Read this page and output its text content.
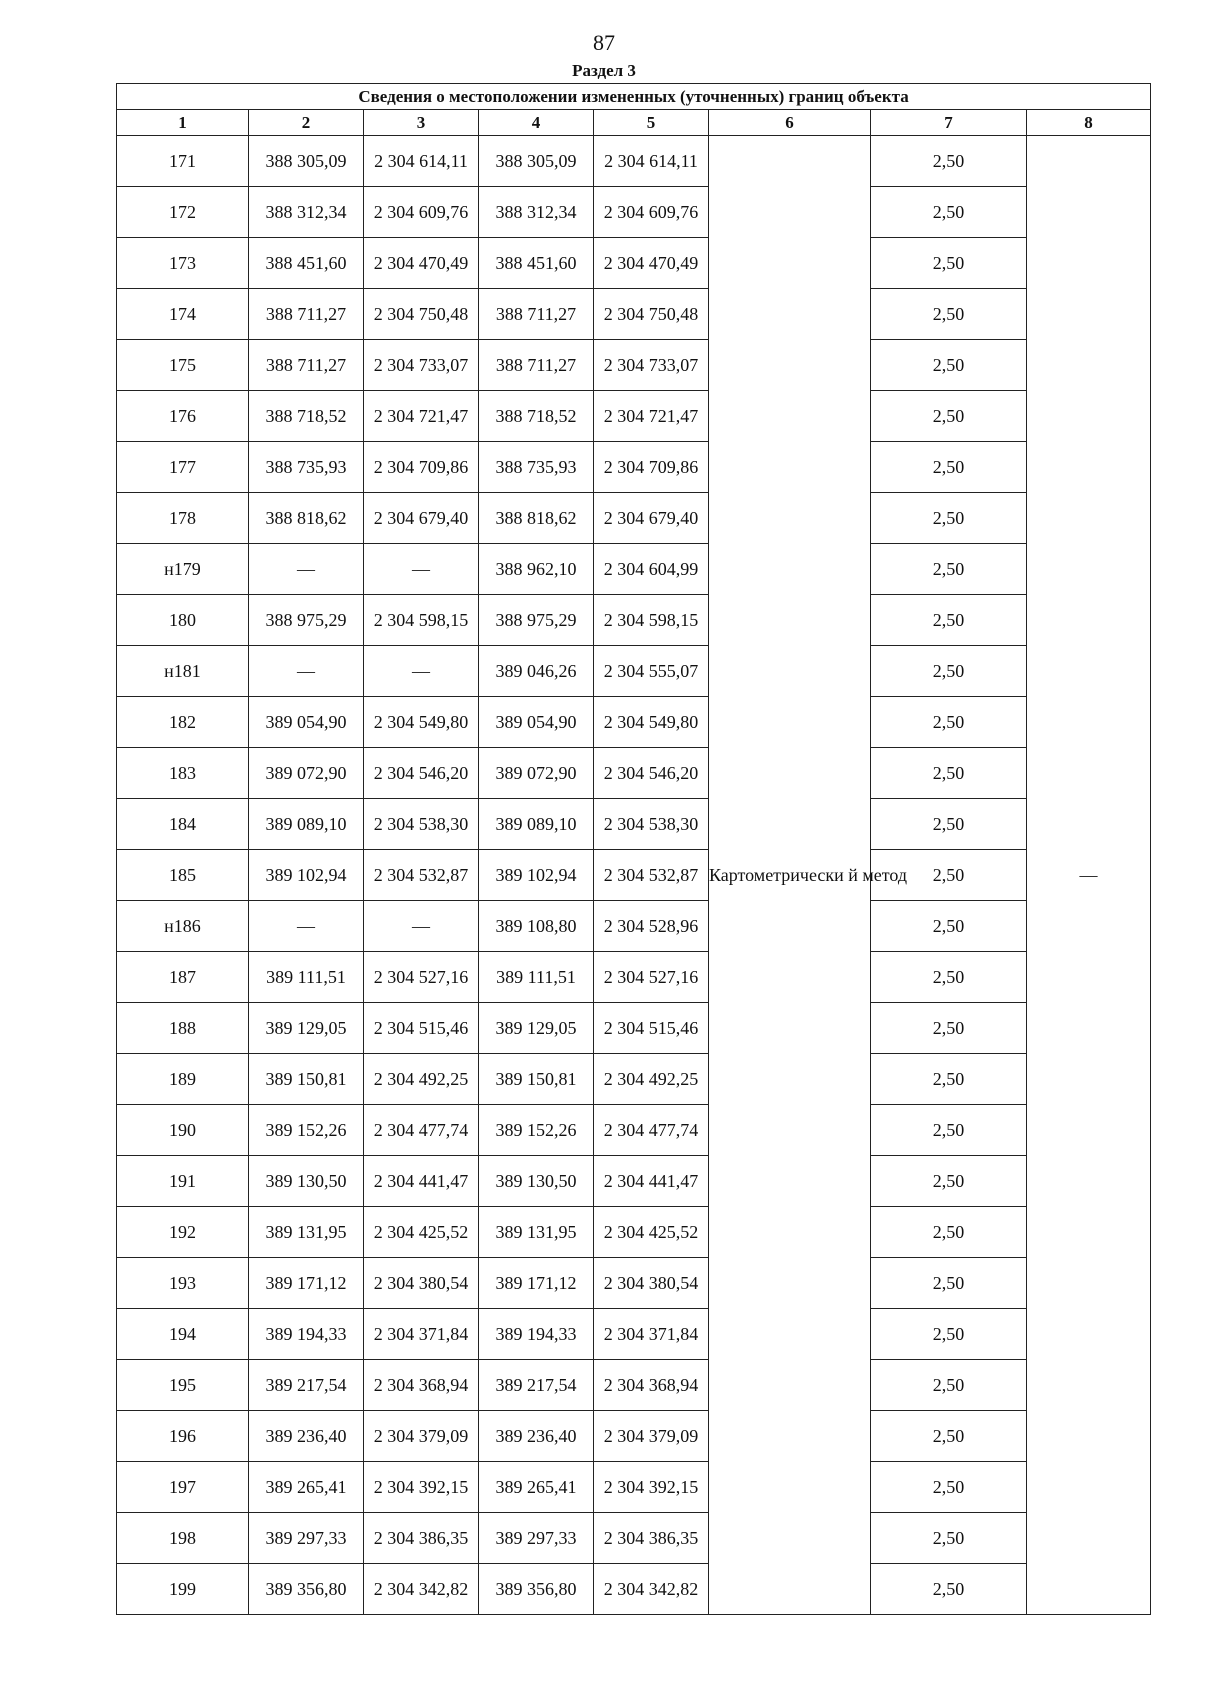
87
Раздел 3
Сведения о местоположении измененных (уточненных) границ объекта							
1	2	3	4	5	6	7	8
171	388 305,09	2 304 614,11	388 305,09	2 304 614,11	Картометрически й метод	2,50	—
172	388 312,34	2 304 609,76	388 312,34	2 304 609,76		2,50	
173	388 451,60	2 304 470,49	388 451,60	2 304 470,49		2,50	
174	388 711,27	2 304 750,48	388 711,27	2 304 750,48		2,50	
175	388 711,27	2 304 733,07	388 711,27	2 304 733,07		2,50	
176	388 718,52	2 304 721,47	388 718,52	2 304 721,47		2,50	
177	388 735,93	2 304 709,86	388 735,93	2 304 709,86		2,50	
178	388 818,62	2 304 679,40	388 818,62	2 304 679,40		2,50	
н179	—	—	388 962,10	2 304 604,99		2,50	
180	388 975,29	2 304 598,15	388 975,29	2 304 598,15		2,50	
н181	—	—	389 046,26	2 304 555,07		2,50	
182	389 054,90	2 304 549,80	389 054,90	2 304 549,80		2,50	
183	389 072,90	2 304 546,20	389 072,90	2 304 546,20		2,50	
184	389 089,10	2 304 538,30	389 089,10	2 304 538,30		2,50	
185	389 102,94	2 304 532,87	389 102,94	2 304 532,87		2,50	
н186	—	—	389 108,80	2 304 528,96		2,50	
187	389 111,51	2 304 527,16	389 111,51	2 304 527,16		2,50	
188	389 129,05	2 304 515,46	389 129,05	2 304 515,46		2,50	
189	389 150,81	2 304 492,25	389 150,81	2 304 492,25		2,50	
190	389 152,26	2 304 477,74	389 152,26	2 304 477,74		2,50	
191	389 130,50	2 304 441,47	389 130,50	2 304 441,47		2,50	
192	389 131,95	2 304 425,52	389 131,95	2 304 425,52		2,50	
193	389 171,12	2 304 380,54	389 171,12	2 304 380,54		2,50	
194	389 194,33	2 304 371,84	389 194,33	2 304 371,84		2,50	
195	389 217,54	2 304 368,94	389 217,54	2 304 368,94		2,50	
196	389 236,40	2 304 379,09	389 236,40	2 304 379,09		2,50	
197	389 265,41	2 304 392,15	389 265,41	2 304 392,15		2,50	
198	389 297,33	2 304 386,35	389 297,33	2 304 386,35		2,50	
199	389 356,80	2 304 342,82	389 356,80	2 304 342,82		2,50	
